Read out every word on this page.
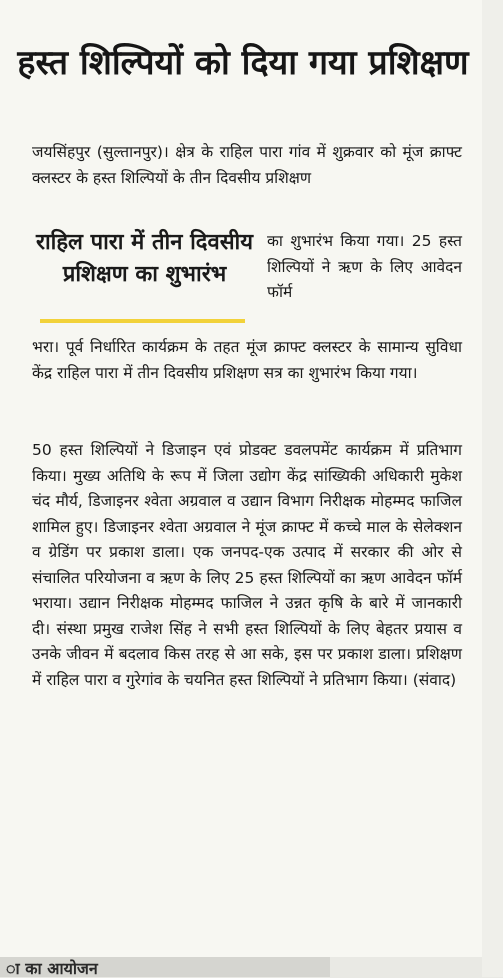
हस्त शिल्पियों को दिया गया प्रशिक्षण

जयसिंहपुर (सुल्तानपुर)। क्षेत्र के राहिल पारा गांव में शुक्रवार को मूंज क्राफ्ट क्लस्टर के हस्त शिल्पियों के तीन दिवसीय प्रशिक्षण

राहिल पारा में तीन दिवसीय प्रशिक्षण का शुभारंभ

का शुभारंभ किया गया। 25 हस्त शिल्पियों ने ऋण के लिए आवेदन फॉर्म

भरा। पूर्व निर्धारित कार्यक्रम के तहत मूंज क्राफ्ट क्लस्टर के सामान्य सुविधा केंद्र राहिल पारा में तीन दिवसीय प्रशिक्षण सत्र का शुभारंभ किया गया।

50 हस्त शिल्पियों ने डिजाइन एवं प्रोडक्ट डवलपमेंट कार्यक्रम में प्रतिभाग किया। मुख्य अतिथि के रूप में जिला उद्योग केंद्र सांख्यिकी अधिकारी मुकेश चंद मौर्य, डिजाइनर श्वेता अग्रवाल व उद्यान विभाग निरीक्षक मोहम्मद फाजिल शामिल हुए। डिजाइनर श्वेता अग्रवाल ने मूंज क्राफ्ट में कच्चे माल के सेलेक्शन व ग्रेडिंग पर प्रकाश डाला। एक जनपद-एक उत्पाद में सरकार की ओर से संचालित परियोजना व ऋण के लिए 25 हस्त शिल्पियों का ऋण आवेदन फॉर्म भराया। उद्यान निरीक्षक मोहम्मद फाजिल ने उन्नत कृषि के बारे में जानकारी दी। संस्था प्रमुख राजेश सिंह ने सभी हस्त शिल्पियों के लिए बेहतर प्रयास व उनके जीवन में बदलाव किस तरह से आ सके, इस पर प्रकाश डाला। प्रशिक्षण में राहिल पारा व गुरेगांव के चयनित हस्त शिल्पियों ने प्रतिभाग किया। (संवाद)

ा का आयोजन
